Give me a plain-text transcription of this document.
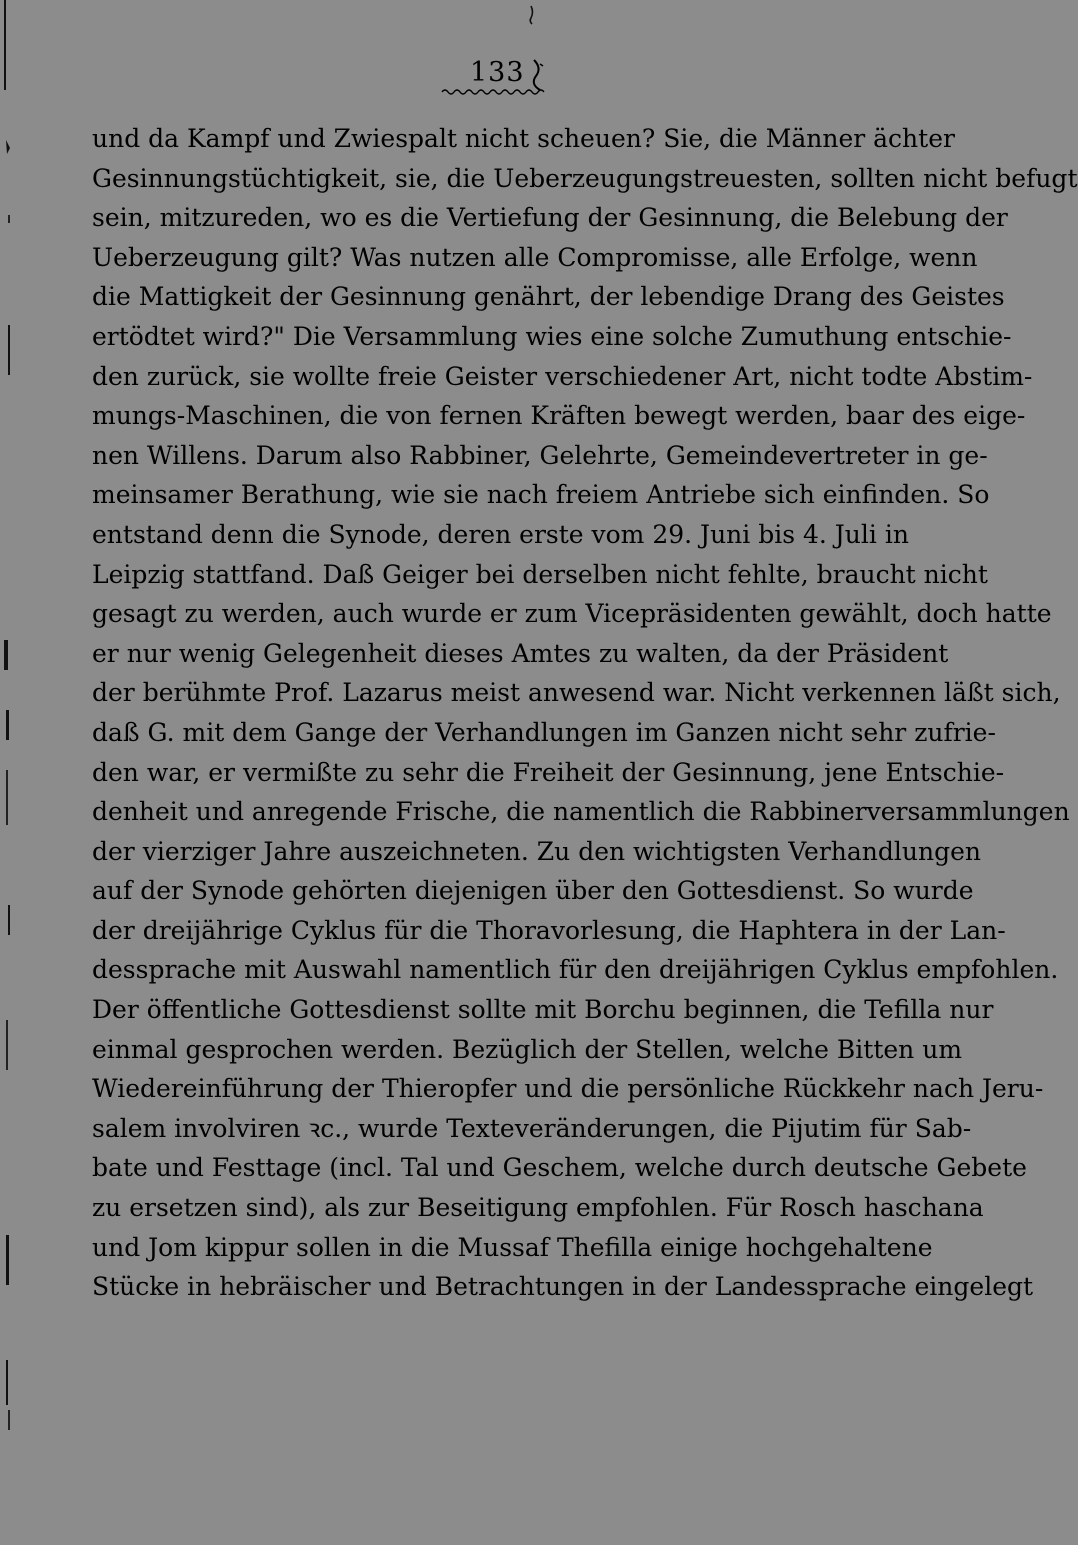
133
und da Kampf und Zwiespalt nicht scheuen? Sie, die Männer ächter
Gesinnungstüchtigkeit, sie, die Ueberzeugungstreuesten, sollten nicht befugt
sein, mitzureden, wo es die Vertiefung der Gesinnung, die Belebung der
Ueberzeugung gilt? Was nutzen alle Compromisse, alle Erfolge, wenn
die Mattigkeit der Gesinnung genährt, der lebendige Drang des Geistes
ertödtet wird?" Die Versammlung wies eine solche Zumuthung entschie-
den zurück, sie wollte freie Geister verschiedener Art, nicht todte Abstim-
mungs-Maschinen, die von fernen Kräften bewegt werden, baar des eige-
nen Willens. Darum also Rabbiner, Gelehrte, Gemeindevertreter in ge-
meinsamer Berathung, wie sie nach freiem Antriebe sich einfinden. So
entstand denn die Synode, deren erste vom 29. Juni bis 4. Juli in
Leipzig stattfand. Daß Geiger bei derselben nicht fehlte, braucht nicht
gesagt zu werden, auch wurde er zum Vicepräsidenten gewählt, doch hatte
er nur wenig Gelegenheit dieses Amtes zu walten, da der Präsident
der berühmte Prof. Lazarus meist anwesend war. Nicht verkennen läßt sich,
daß G. mit dem Gange der Verhandlungen im Ganzen nicht sehr zufrie-
den war, er vermißte zu sehr die Freiheit der Gesinnung, jene Entschie-
denheit und anregende Frische, die namentlich die Rabbinerversammlungen
der vierziger Jahre auszeichneten. Zu den wichtigsten Verhandlungen
auf der Synode gehörten diejenigen über den Gottesdienst. So wurde
der dreijährige Cyklus für die Thoravorlesung, die Haphtera in der Lan-
dessprache mit Auswahl namentlich für den dreijährigen Cyklus empfohlen.
Der öffentliche Gottesdienst sollte mit Borchu beginnen, die Tefilla nur
einmal gesprochen werden. Bezüglich der Stellen, welche Bitten um
Wiedereinführung der Thieropfer und die persönliche Rückkehr nach Jeru-
salem involviren ꝛc., wurde Texteveränderungen, die Pijutim für Sab-
bate und Festtage (incl. Tal und Geschem, welche durch deutsche Gebete
zu ersetzen sind), als zur Beseitigung empfohlen. Für Rosch haschana
und Jom kippur sollen in die Mussaf Thefilla einige hochgehaltene
Stücke in hebräischer und Betrachtungen in der Landessprache eingelegt
